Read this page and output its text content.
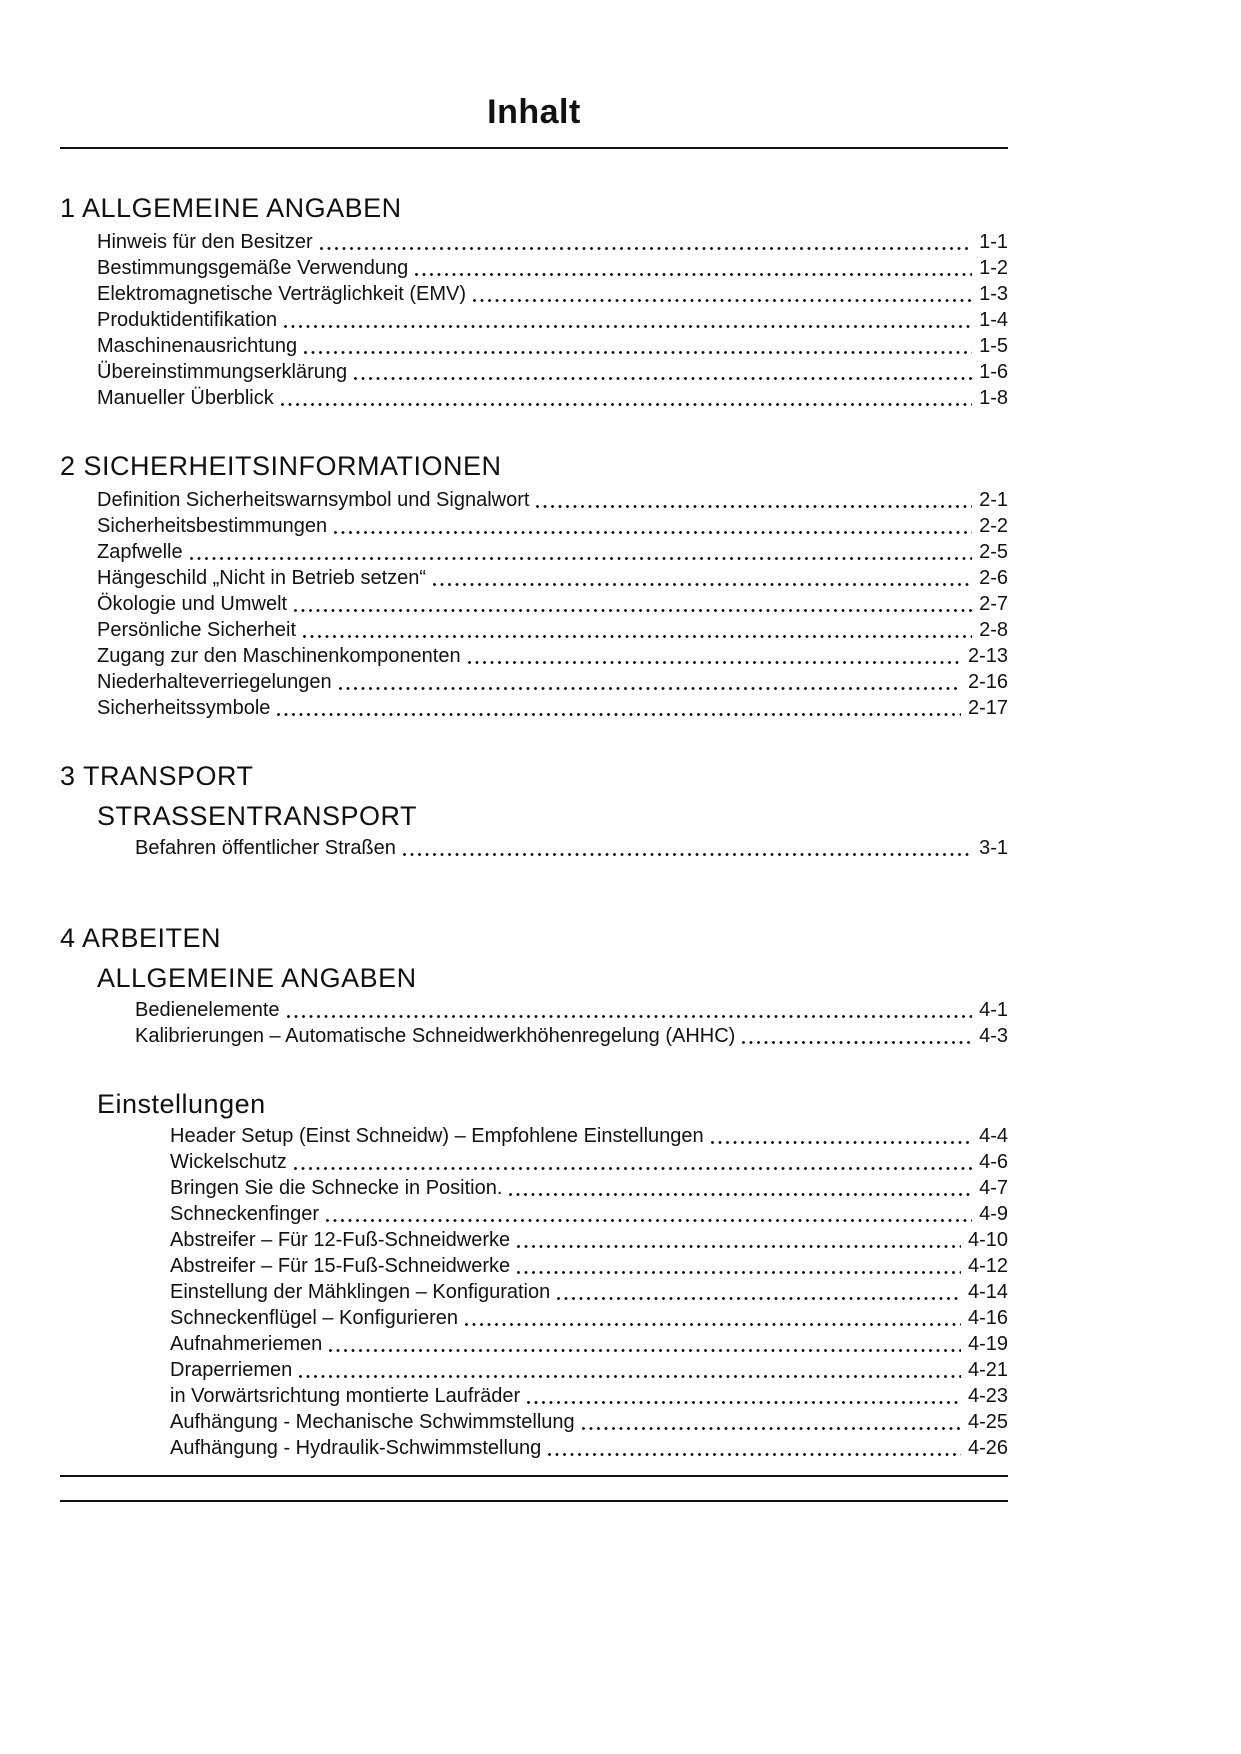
Inhalt
1 ALLGEMEINE ANGABEN
Hinweis für den Besitzer	1-1
Bestimmungsgemäße Verwendung	1-2
Elektromagnetische Verträglichkeit (EMV)	1-3
Produktidentifikation	1-4
Maschinenausrichtung	1-5
Übereinstimmungserklärung	1-6
Manueller Überblick	1-8
2 SICHERHEITSINFORMATIONEN
Definition Sicherheitswarnsymbol und Signalwort	2-1
Sicherheitsbestimmungen	2-2
Zapfwelle	2-5
Hängeschild „Nicht in Betrieb setzen“	2-6
Ökologie und Umwelt	2-7
Persönliche Sicherheit	2-8
Zugang zur den Maschinenkomponenten	2-13
Niederhalteverriegelungen	2-16
Sicherheitssymbole	2-17
3 TRANSPORT
STRASSENTRANSPORT
Befahren öffentlicher Straßen	3-1
4 ARBEITEN
ALLGEMEINE ANGABEN
Bedienelemente	4-1
Kalibrierungen – Automatische Schneidwerkhöhenregelung (AHHC)	4-3
Einstellungen
Header Setup (Einst Schneidw) – Empfohlene Einstellungen	4-4
Wickelschutz	4-6
Bringen Sie die Schnecke in Position.	4-7
Schneckenfinger	4-9
Abstreifer – Für 12-Fuß-Schneidwerke	4-10
Abstreifer – Für 15-Fuß-Schneidwerke	4-12
Einstellung der Mähklingen – Konfiguration	4-14
Schneckenflügel – Konfigurieren	4-16
Aufnahmeriemen	4-19
Draperriemen	4-21
in Vorwärtsrichtung montierte Laufräder	4-23
Aufhängung - Mechanische Schwimmstellung	4-25
Aufhängung - Hydraulik-Schwimmstellung	4-26
